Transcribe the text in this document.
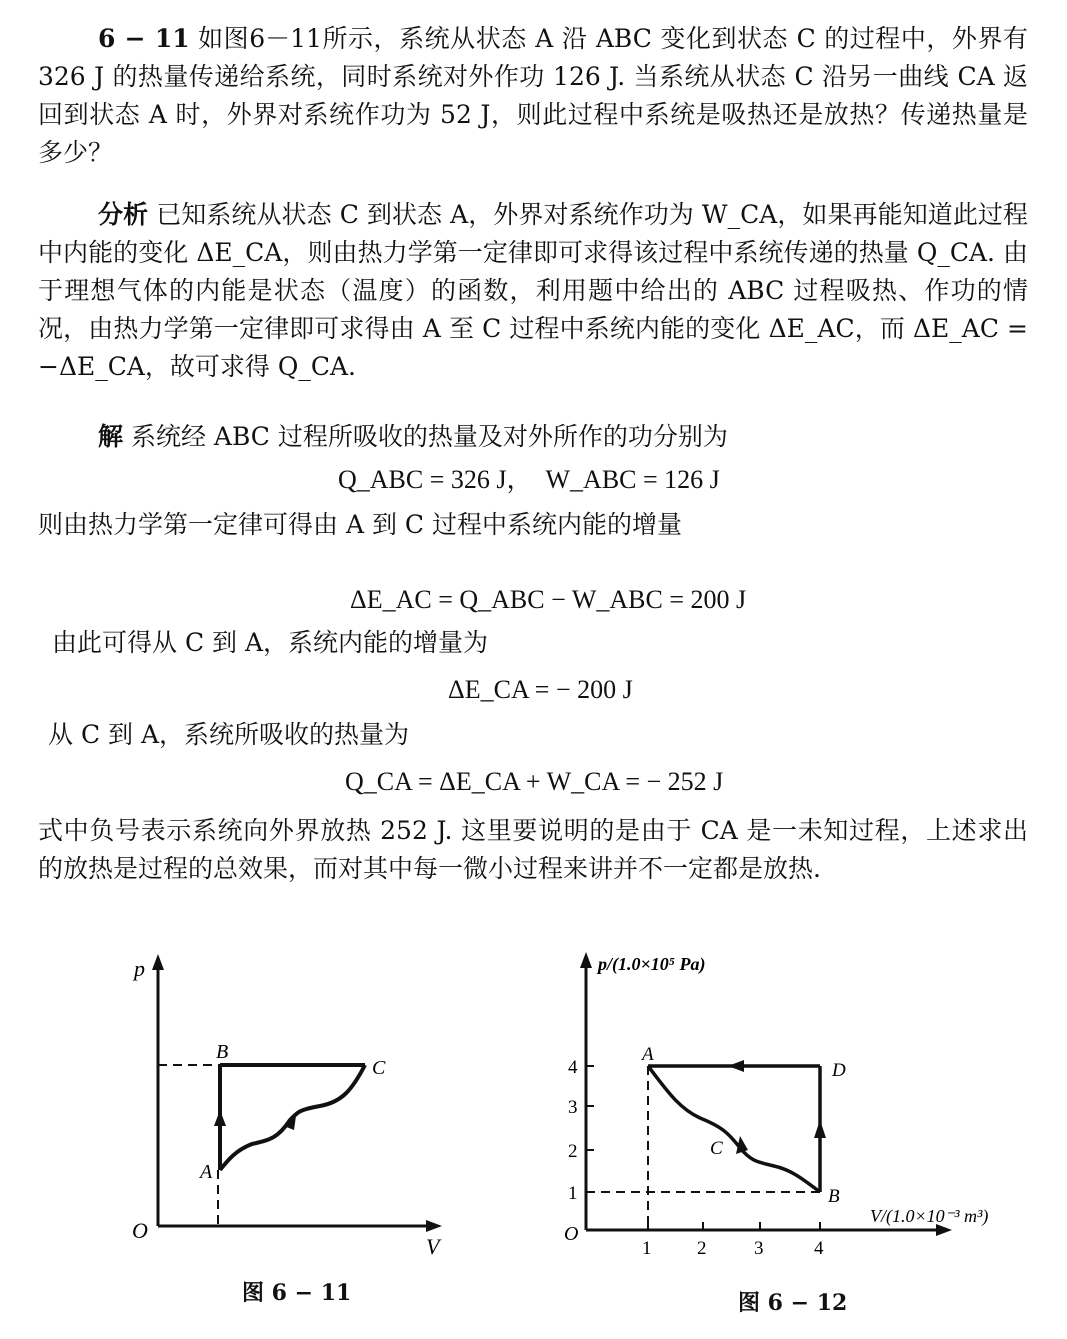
6 − 11 如图6－11所示，系统从状态 A 沿 ABC 变化到状态 C 的过程中，外界有 326 J 的热量传递给系统，同时系统对外作功 126 J. 当系统从状态 C 沿另一曲线 CA 返回到状态 A 时，外界对系统作功为 52 J，则此过程中系统是吸热还是放热？传递热量是多少？
分析 已知系统从状态 C 到状态 A，外界对系统作功为 W_CA，如果再能知道此过程中内能的变化 ΔE_CA，则由热力学第一定律即可求得该过程中系统传递的热量 Q_CA. 由于理想气体的内能是状态（温度）的函数，利用题中给出的 ABC 过程吸热、作功的情况，由热力学第一定律即可求得由 A 至 C 过程中系统内能的变化 ΔE_AC，而 ΔE_AC = −ΔE_CA，故可求得 Q_CA.
解 系统经 ABC 过程所吸收的热量及对外所作的功分别为
Q_ABC = 326 J，　W_ABC = 126 J
则由热力学第一定律可得由 A 到 C 过程中系统内能的增量
ΔE_AC = Q_ABC − W_ABC = 200 J
由此可得从 C 到 A，系统内能的增量为
ΔE_CA = − 200 J
从 C 到 A，系统所吸收的热量为
Q_CA = ΔE_CA + W_CA = − 252 J
式中负号表示系统向外界放热 252 J. 这里要说明的是由于 CA 是一未知过程，上述求出的放热是过程的总效果，而对其中每一微小过程来讲并不一定都是放热.
p
V
O
A
B
C
图 6 − 11
4
3
2
1
1 2	3	4
p/(1.0×10⁵ Pa)
V/(1.0×10⁻³ m³)
O
A
B
C
D
图 6 − 12
